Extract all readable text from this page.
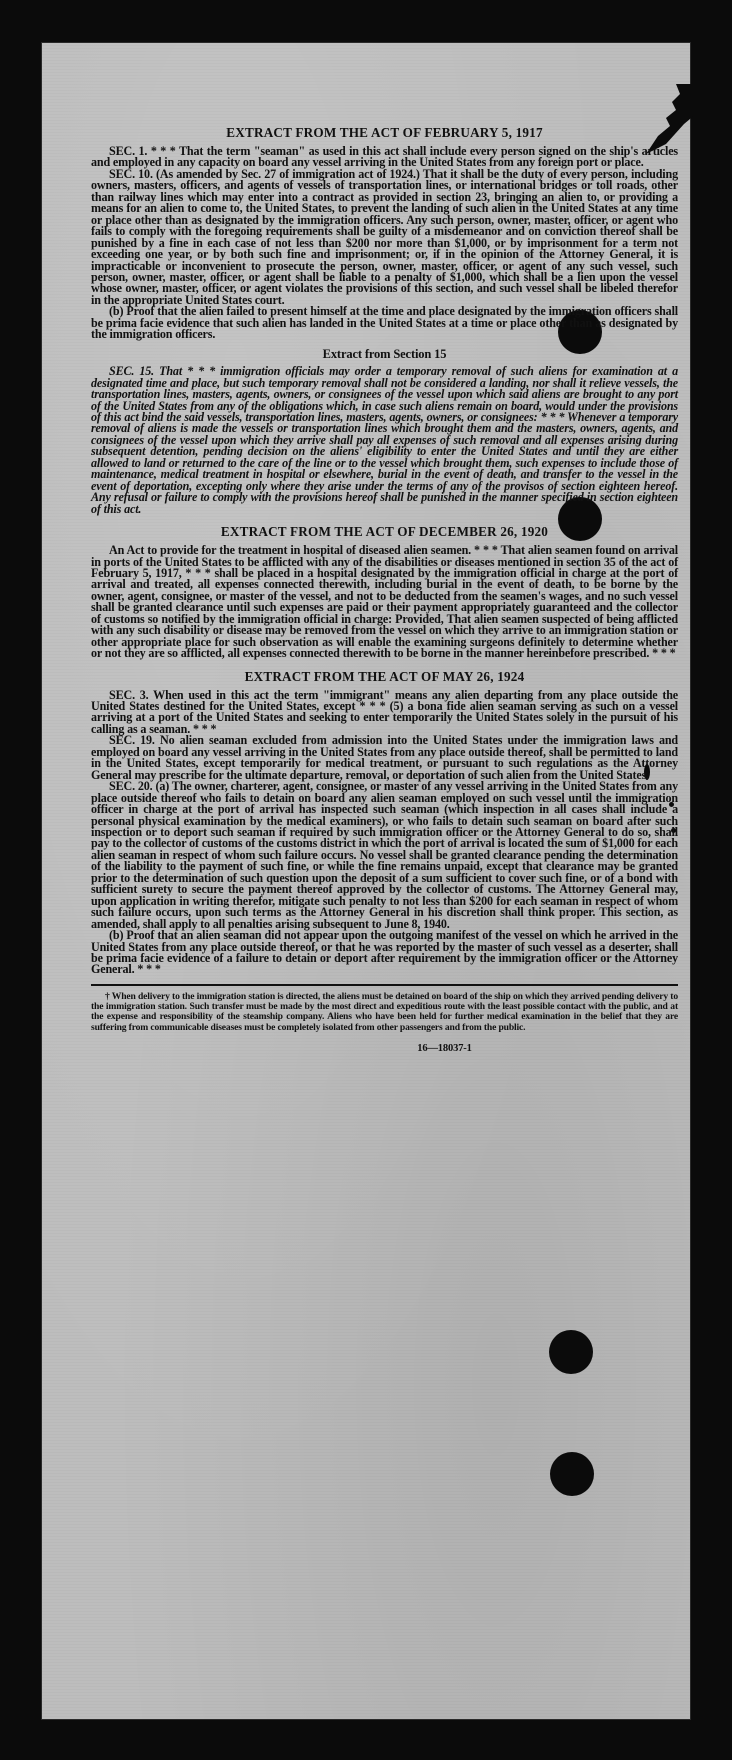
EXTRACT FROM THE ACT OF FEBRUARY 5, 1917

SEC. 1. * * * That the term "seaman" as used in this act shall include every person signed on the ship's articles and employed in any capacity on board any vessel arriving in the United States from any foreign port or place.

SEC. 10. (As amended by Sec. 27 of immigration act of 1924.) That it shall be the duty of every person, including owners, masters, officers, and agents of vessels of transportation lines, or international bridges or toll roads, other than railway lines which may enter into a contract as provided in section 23, bringing an alien to, or providing a means for an alien to come to, the United States, to prevent the landing of such alien in the United States at any time or place other than as designated by the immigration officers. Any such person, owner, master, officer, or agent who fails to comply with the foregoing requirements shall be guilty of a misdemeanor and on conviction thereof shall be punished by a fine in each case of not less than $200 nor more than $1,000, or by imprisonment for a term not exceeding one year, or by both such fine and imprisonment; or, if in the opinion of the Attorney General, it is impracticable or inconvenient to prosecute the person, owner, master, officer, or agent of any such vessel, such person, owner, master, officer, or agent shall be liable to a penalty of $1,000, which shall be a lien upon the vessel whose owner, master, officer, or agent violates the provisions of this section, and such vessel shall be libeled therefor in the appropriate United States court.

(b) Proof that the alien failed to present himself at the time and place designated by the immigration officers shall be prima facie evidence that such alien has landed in the United States at a time or place other than as designated by the immigration officers.

Extract from Section 15

SEC. 15. That * * * immigration officials may order a temporary removal of such aliens for examination at a designated time and place, but such temporary removal shall not be considered a landing, nor shall it relieve vessels, the transportation lines, masters, agents, owners, or consignees of the vessel upon which said aliens are brought to any port of the United States from any of the obligations which, in case such aliens remain on board, would under the provisions of this act bind the said vessels, transportation lines, masters, agents, owners, or consignees: * * * Whenever a temporary removal of aliens is made the vessels or transportation lines which brought them and the masters, owners, agents, and consignees of the vessel upon which they arrive shall pay all expenses of such removal and all expenses arising during subsequent detention, pending decision on the aliens' eligibility to enter the United States and until they are either allowed to land or returned to the care of the line or to the vessel which brought them, such expenses to include those of maintenance, medical treatment in hospital or elsewhere, burial in the event of death, and transfer to the vessel in the event of deportation, excepting only where they arise under the terms of any of the provisos of section eighteen hereof. Any refusal or failure to comply with the provisions hereof shall be punished in the manner specified in section eighteen of this act.

EXTRACT FROM THE ACT OF DECEMBER 26, 1920

An Act to provide for the treatment in hospital of diseased alien seamen. * * * That alien seamen found on arrival in ports of the United States to be afflicted with any of the disabilities or diseases mentioned in section 35 of the act of February 5, 1917, * * * shall be placed in a hospital designated by the immigration official in charge at the port of arrival and treated, all expenses connected therewith, including burial in the event of death, to be borne by the owner, agent, consignee, or master of the vessel, and not to be deducted from the seamen's wages, and no such vessel shall be granted clearance until such expenses are paid or their payment appropriately guaranteed and the collector of customs so notified by the immigration official in charge: Provided, That alien seamen suspected of being afflicted with any such disability or disease may be removed from the vessel on which they arrive to an immigration station or other appropriate place for such observation as will enable the examining surgeons definitely to determine whether or not they are so afflicted, all expenses connected therewith to be borne in the manner hereinbefore prescribed. * * *

EXTRACT FROM THE ACT OF MAY 26, 1924

SEC. 3. When used in this act the term "immigrant" means any alien departing from any place outside the United States destined for the United States, except * * * (5) a bona fide alien seaman serving as such on a vessel arriving at a port of the United States and seeking to enter temporarily the United States solely in the pursuit of his calling as a seaman. * * *

SEC. 19. No alien seaman excluded from admission into the United States under the immigration laws and employed on board any vessel arriving in the United States from any place outside thereof, shall be permitted to land in the United States, except temporarily for medical treatment, or pursuant to such regulations as the Attorney General may prescribe for the ultimate departure, removal, or deportation of such alien from the United States.

SEC. 20. (a) The owner, charterer, agent, consignee, or master of any vessel arriving in the United States from any place outside thereof who fails to detain on board any alien seaman employed on such vessel until the immigration officer in charge at the port of arrival has inspected such seaman (which inspection in all cases shall include a personal physical examination by the medical examiners), or who fails to detain such seaman on board after such inspection or to deport such seaman if required by such immigration officer or the Attorney General to do so, shall pay to the collector of customs of the customs district in which the port of arrival is located the sum of $1,000 for each alien seaman in respect of whom such failure occurs. No vessel shall be granted clearance pending the determination of the liability to the payment of such fine, or while the fine remains unpaid, except that clearance may be granted prior to the determination of such question upon the deposit of a sum sufficient to cover such fine, or of a bond with sufficient surety to secure the payment thereof approved by the collector of customs. The Attorney General may, upon application in writing therefor, mitigate such penalty to not less than $200 for each seaman in respect of whom such failure occurs, upon such terms as the Attorney General in his discretion shall think proper. This section, as amended, shall apply to all penalties arising subsequent to June 8, 1940.

(b) Proof that an alien seaman did not appear upon the outgoing manifest of the vessel on which he arrived in the United States from any place outside thereof, or that he was reported by the master of such vessel as a deserter, shall be prima facie evidence of a failure to detain or deport after requirement by the immigration officer or the Attorney General. * * *

† When delivery to the immigration station is directed, the aliens must be detained on board of the ship on which they arrived pending delivery to the immigration station. Such transfer must be made by the most direct and expeditious route with the least possible contact with the public, and at the expense and responsibility of the steamship company. Aliens who have been held for further medical examination in the belief that they are suffering from communicable diseases must be completely isolated from other passengers and from the public.

16—18037-1
